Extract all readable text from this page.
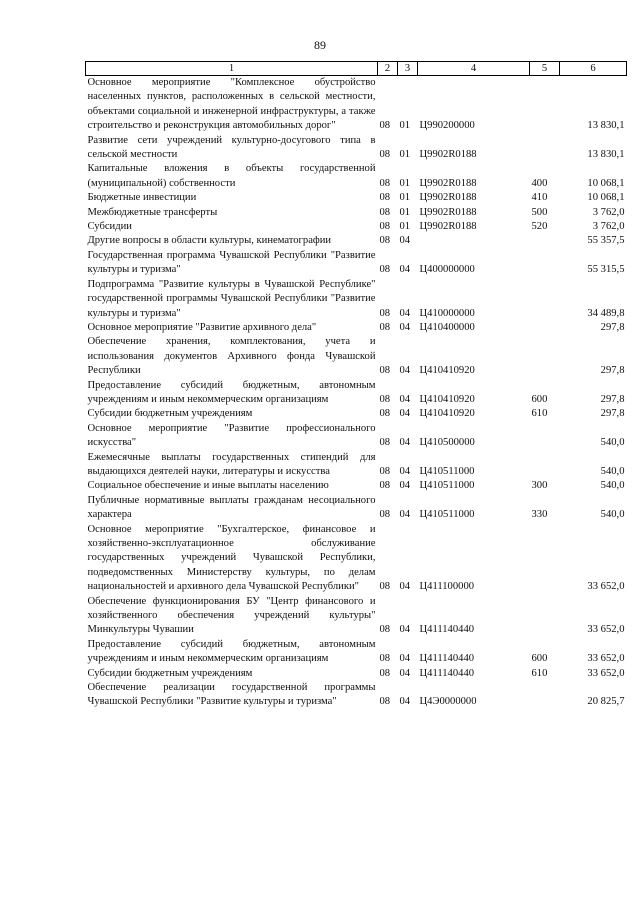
89
1	2	3	4	5	6
Основное мероприятие "Комплексное обустройство населенных пунктов, расположенных в сельской местности, объектами социальной и инженерной инфраструктуры, а также строительство и реконструкция автомобильных дорог"	08	01	Ц990200000		13 830,1
Развитие сети учреждений культурно-досугового типа в сельской местности	08	01	Ц9902R0188		13 830,1
Капитальные вложения в объекты государственной (муниципальной) собственности	08	01	Ц9902R0188	400	10 068,1
Бюджетные инвестиции	08	01	Ц9902R0188	410	10 068,1
Межбюджетные трансферты	08	01	Ц9902R0188	500	3 762,0
Субсидии	08	01	Ц9902R0188	520	3 762,0
Другие вопросы в области культуры, кинематографии	08	04			55 357,5
Государственная программа Чувашской Республики "Развитие культуры и туризма"	08	04	Ц400000000		55 315,5
Подпрограмма "Развитие культуры в Чувашской Республике" государственной программы Чувашской Республики "Развитие культуры и туризма"	08	04	Ц410000000		34 489,8
Основное мероприятие "Развитие архивного дела"	08	04	Ц410400000		297,8
Обеспечение хранения, комплектования, учета и использования документов Архивного фонда Чувашской Республики	08	04	Ц410410920		297,8
Предоставление субсидий бюджетным, автономным учреждениям и иным некоммерческим организациям	08	04	Ц410410920	600	297,8
Субсидии бюджетным учреждениям	08	04	Ц410410920	610	297,8
Основное мероприятие "Развитие профессионального искусства"	08	04	Ц410500000		540,0
Ежемесячные выплаты государственных стипендий для выдающихся деятелей науки, литературы и искусства	08	04	Ц410511000		540,0
Социальное обеспечение и иные выплаты населению	08	04	Ц410511000	300	540,0
Публичные нормативные выплаты гражданам несоциального характера	08	04	Ц410511000	330	540,0
Основное мероприятие "Бухгалтерское, финансовое и хозяйственно-эксплуатационное обслуживание государственных учреждений Чувашской Республики, подведомственных Министерству культуры, по делам национальностей и архивного дела Чувашской Республики"	08	04	Ц411100000		33 652,0
Обеспечение функционирования БУ "Центр финансового и хозяйственного обеспечения учреждений культуры" Минкультуры Чувашии	08	04	Ц411140440		33 652,0
Предоставление субсидий бюджетным, автономным учреждениям и иным некоммерческим организациям	08	04	Ц411140440	600	33 652,0
Субсидии бюджетным учреждениям	08	04	Ц411140440	610	33 652,0
Обеспечение реализации государственной программы Чувашской Республики "Развитие культуры и туризма"	08	04	Ц4Э0000000		20 825,7
